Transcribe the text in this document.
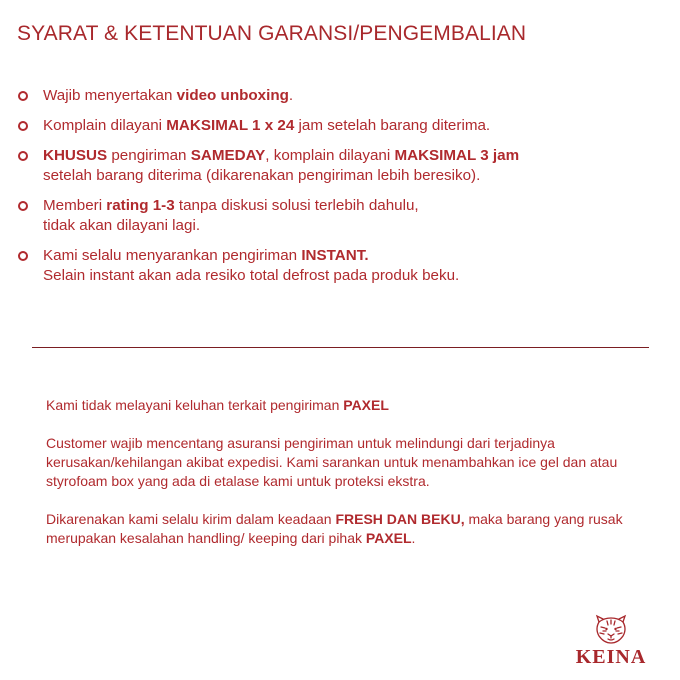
SYARAT & KETENTUAN GARANSI/PENGEMBALIAN
Wajib menyertakan video unboxing.
Komplain dilayani MAKSIMAL 1 x 24 jam setelah barang diterima.
KHUSUS pengiriman SAMEDAY, komplain dilayani MAKSIMAL 3 jam
setelah barang diterima (dikarenakan pengiriman lebih beresiko).
Memberi rating 1-3 tanpa diskusi solusi terlebih dahulu,
tidak akan dilayani lagi.
Kami selalu menyarankan pengiriman INSTANT.
Selain instant akan ada resiko total defrost pada produk beku.

Kami tidak melayani keluhan terkait pengiriman PAXEL

Customer wajib mencentang asuransi pengiriman untuk melindungi dari terjadinya kerusakan/kehilangan akibat expedisi. Kami sarankan untuk menambahkan ice gel dan atau styrofoam box yang ada di etalase kami untuk proteksi ekstra.

Dikarenakan kami selalu kirim dalam keadaan FRESH DAN BEKU, maka barang yang rusak merupakan kesalahan handling/ keeping dari pihak PAXEL.

KEINA
